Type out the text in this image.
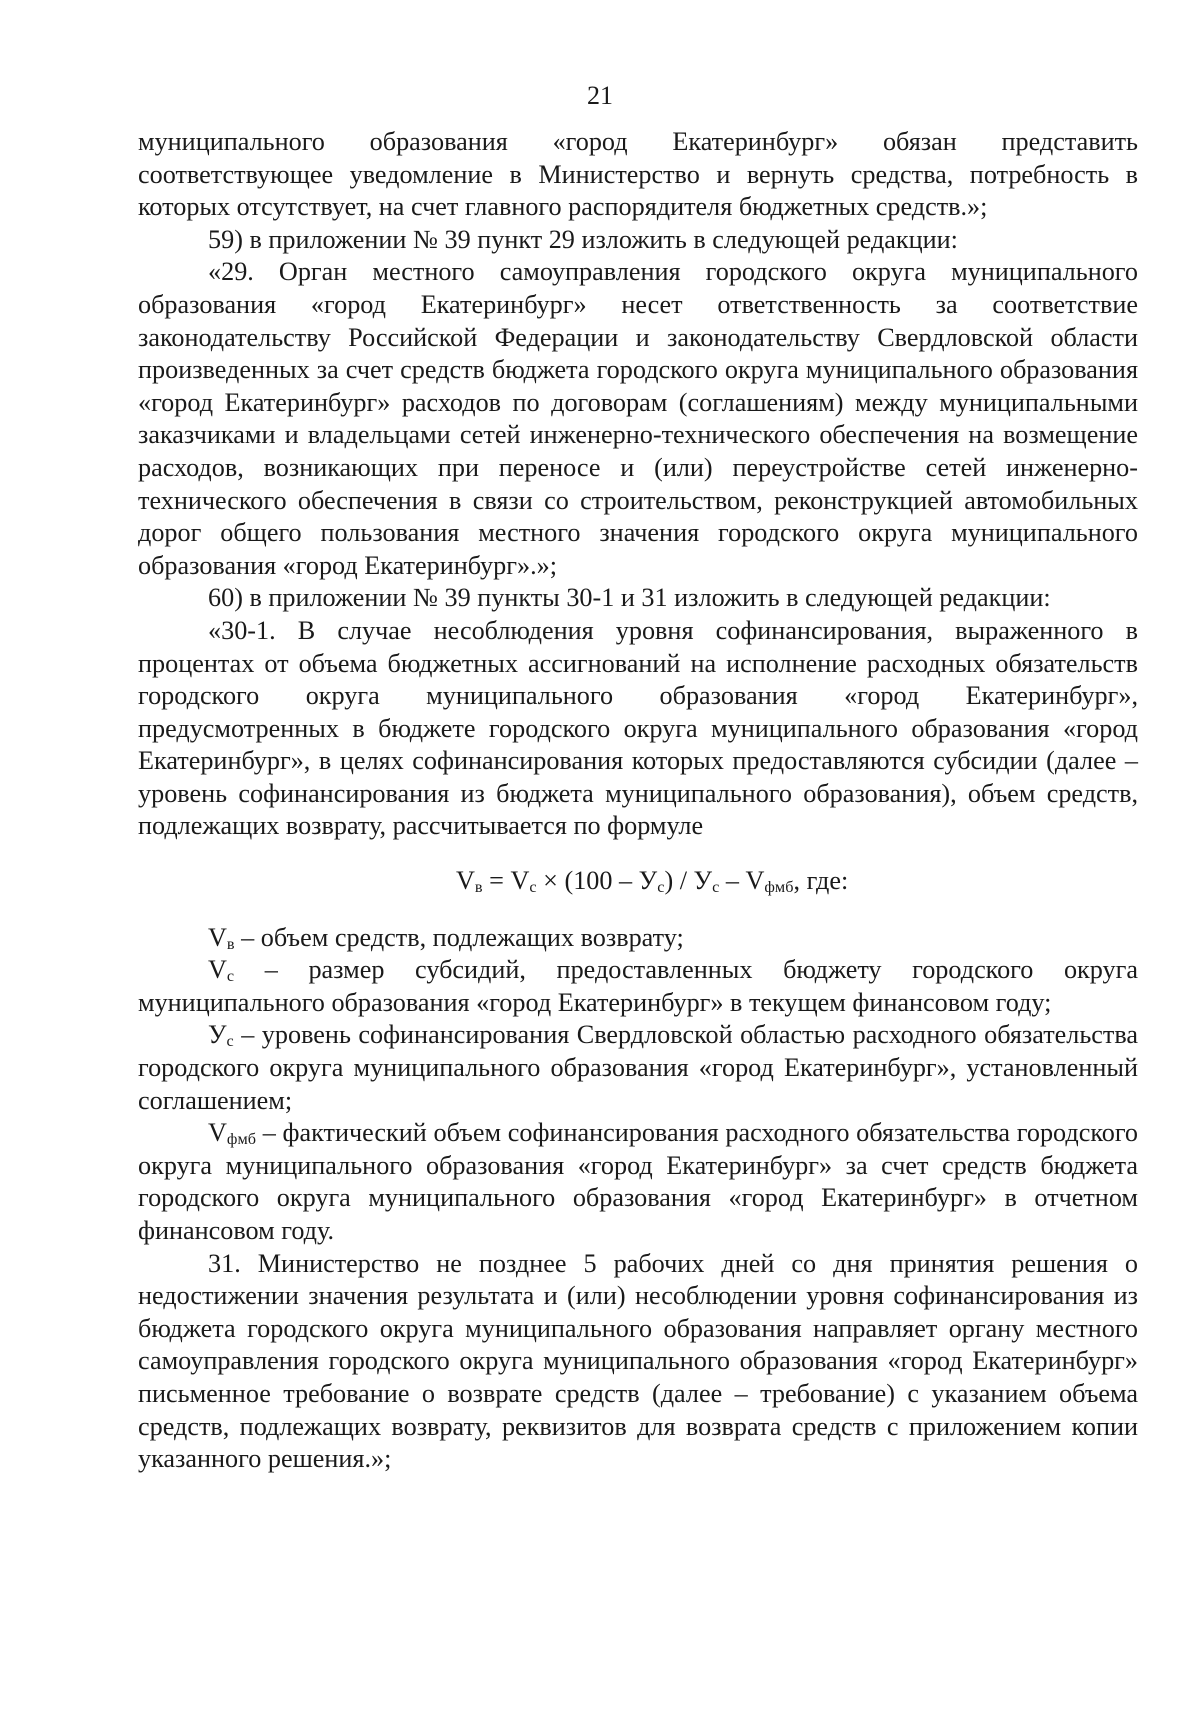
21

муниципального образования «город Екатеринбург» обязан представить соответствующее уведомление в Министерство и вернуть средства, потребность в которых отсутствует, на счет главного распорядителя бюджетных средств.»;

59) в приложении № 39 пункт 29 изложить в следующей редакции:

«29. Орган местного самоуправления городского округа муниципального образования «город Екатеринбург» несет ответственность за соответствие законодательству Российской Федерации и законодательству Свердловской области произведенных за счет средств бюджета городского округа муниципального образования «город Екатеринбург» расходов по договорам (соглашениям) между муниципальными заказчиками и владельцами сетей инженерно-технического обеспечения на возмещение расходов, возникающих при переносе и (или) переустройстве сетей инженерно-технического обеспечения в связи со строительством, реконструкцией автомобильных дорог общего пользования местного значения городского округа муниципального образования «город Екатеринбург».»;

60) в приложении № 39 пункты 30-1 и 31 изложить в следующей редакции:

«30-1. В случае несоблюдения уровня софинансирования, выраженного в процентах от объема бюджетных ассигнований на исполнение расходных обязательств городского округа муниципального образования «город Екатеринбург», предусмотренных в бюджете городского округа муниципального образования «город Екатеринбург», в целях софинансирования которых предоставляются субсидии (далее – уровень софинансирования из бюджета муниципального образования), объем средств, подлежащих возврату, рассчитывается по формуле

$V_в = V_с \times (100 - У_с) / У_с - V_{фмб}$, где:

$V_в$ – объем средств, подлежащих возврату;

$V_с$ – размер субсидий, предоставленных бюджету городского округа муниципального образования «город Екатеринбург» в текущем финансовом году;

$У_с$ – уровень софинансирования Свердловской областью расходного обязательства городского округа муниципального образования «город Екатеринбург», установленный соглашением;

$V_{фмб}$ – фактический объем софинансирования расходного обязательства городского округа муниципального образования «город Екатеринбург» за счет средств бюджета городского округа муниципального образования «город Екатеринбург» в отчетном финансовом году.

31. Министерство не позднее 5 рабочих дней со дня принятия решения о недостижении значения результата и (или) несоблюдении уровня софинансирования из бюджета городского округа муниципального образования направляет органу местного самоуправления городского округа муниципального образования «город Екатеринбург» письменное требование о возврате средств (далее – требование) с указанием объема средств, подлежащих возврату, реквизитов для возврата средств с приложением копии указанного решения.»;
